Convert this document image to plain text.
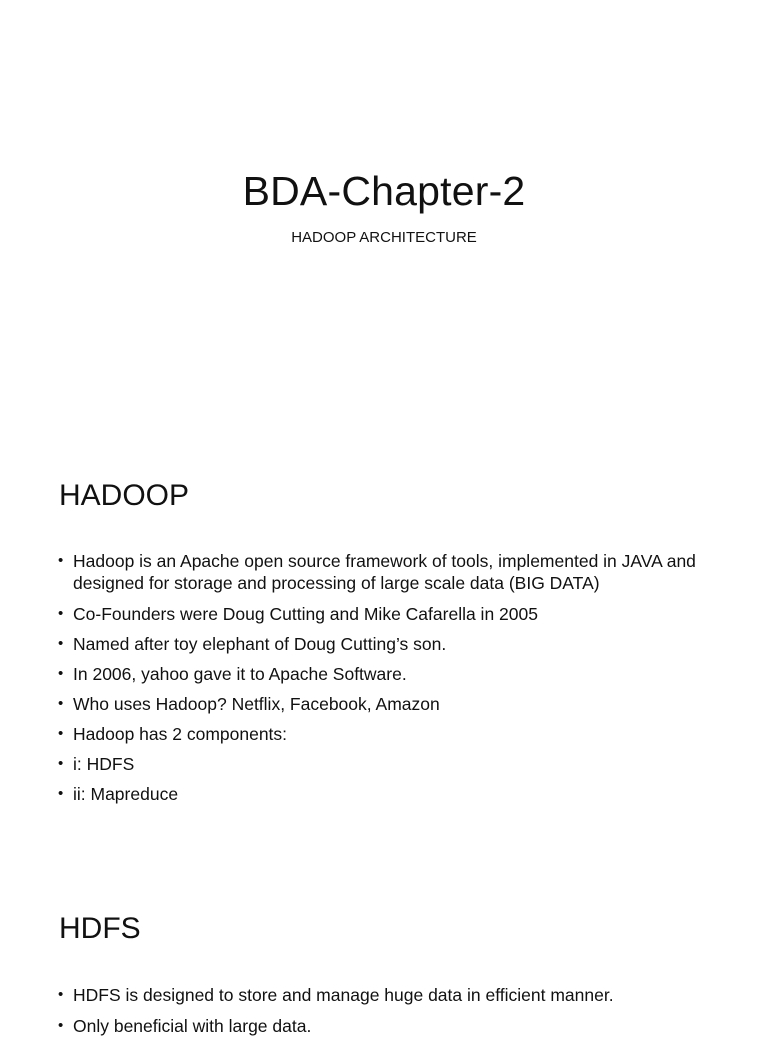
BDA-Chapter-2
HADOOP ARCHITECTURE
HADOOP
• Hadoop is an Apache open source framework of tools, implemented in JAVA and designed for storage and processing of large scale data (BIG DATA)
• Co-Founders were Doug Cutting and Mike Cafarella in 2005
• Named after toy elephant of Doug Cutting’s son.
• In 2006, yahoo gave it to Apache Software.
• Who uses Hadoop? Netflix, Facebook, Amazon
• Hadoop has 2 components:
• i: HDFS
• ii: Mapreduce
HDFS
• HDFS is designed to store and manage huge data in efficient manner.
• Only beneficial with large data.
